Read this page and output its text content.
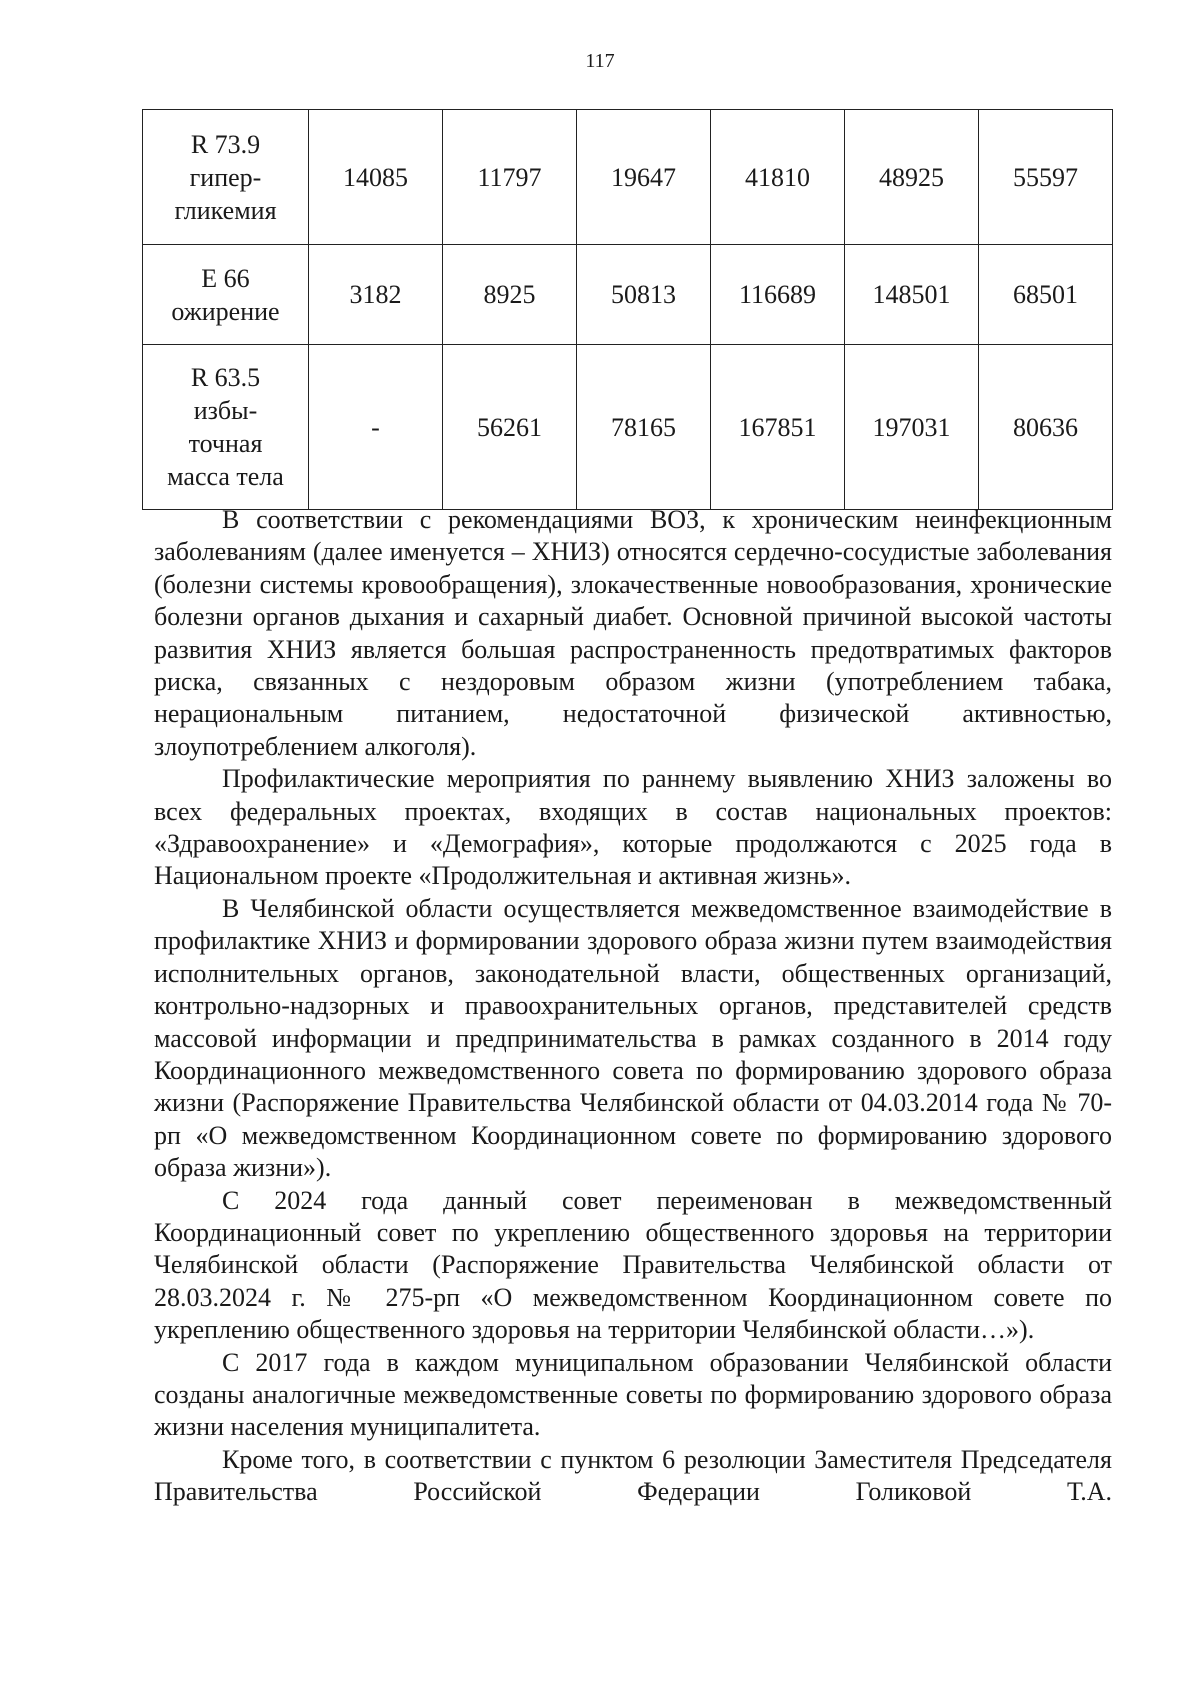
117
R 73.9
гипер-
гликемия	14085	11797	19647	41810	48925	55597

E 66
ожирение	3182	8925	50813	116689	148501	68501

R 63.5
избы-
точная
масса тела	-	56261	78165	167851	197031	80636

В соответствии с рекомендациями ВОЗ, к хроническим неинфекционным заболеваниям (далее именуется – ХНИЗ) относятся сердечно-сосудистые заболевания (болезни системы кровообращения), злокачественные новообразования, хронические болезни органов дыхания и сахарный диабет. Основной причиной высокой частоты развития ХНИЗ является большая распространенность предотвратимых факторов риска, связанных с нездоровым образом жизни (употреблением табака, нерациональным питанием, недостаточной физической активностью, злоупотреблением алкоголя).

Профилактические мероприятия по раннему выявлению ХНИЗ заложены во всех федеральных проектах, входящих в состав национальных проектов: «Здравоохранение» и «Демография», которые продолжаются с 2025 года в Национальном проекте «Продолжительная и активная жизнь».

В Челябинской области осуществляется межведомственное взаимодействие в профилактике ХНИЗ и формировании здорового образа жизни путем взаимодействия исполнительных органов, законодательной власти, общественных организаций, контрольно-надзорных и правоохранительных органов, представителей средств массовой информации и предпринимательства в рамках созданного в 2014 году Координационного межведомственного совета по формированию здорового образа жизни (Распоряжение Правительства Челябинской области от 04.03.2014 года № 70-рп «О межведомственном Координационном совете по формированию здорового образа жизни»).

С 2024 года данный совет переименован в межведомственный Координационный совет по укреплению общественного здоровья на территории Челябинской области (Распоряжение Правительства Челябинской области от 28.03.2024 г. № 275-рп «О межведомственном Координационном совете по укреплению общественного здоровья на территории Челябинской области…»).

С 2017 года в каждом муниципальном образовании Челябинской области созданы аналогичные межведомственные советы по формированию здорового образа жизни населения муниципалитета.

Кроме того, в соответствии с пунктом 6 резолюции Заместителя Председателя Правительства Российской Федерации Голиковой Т.А.
